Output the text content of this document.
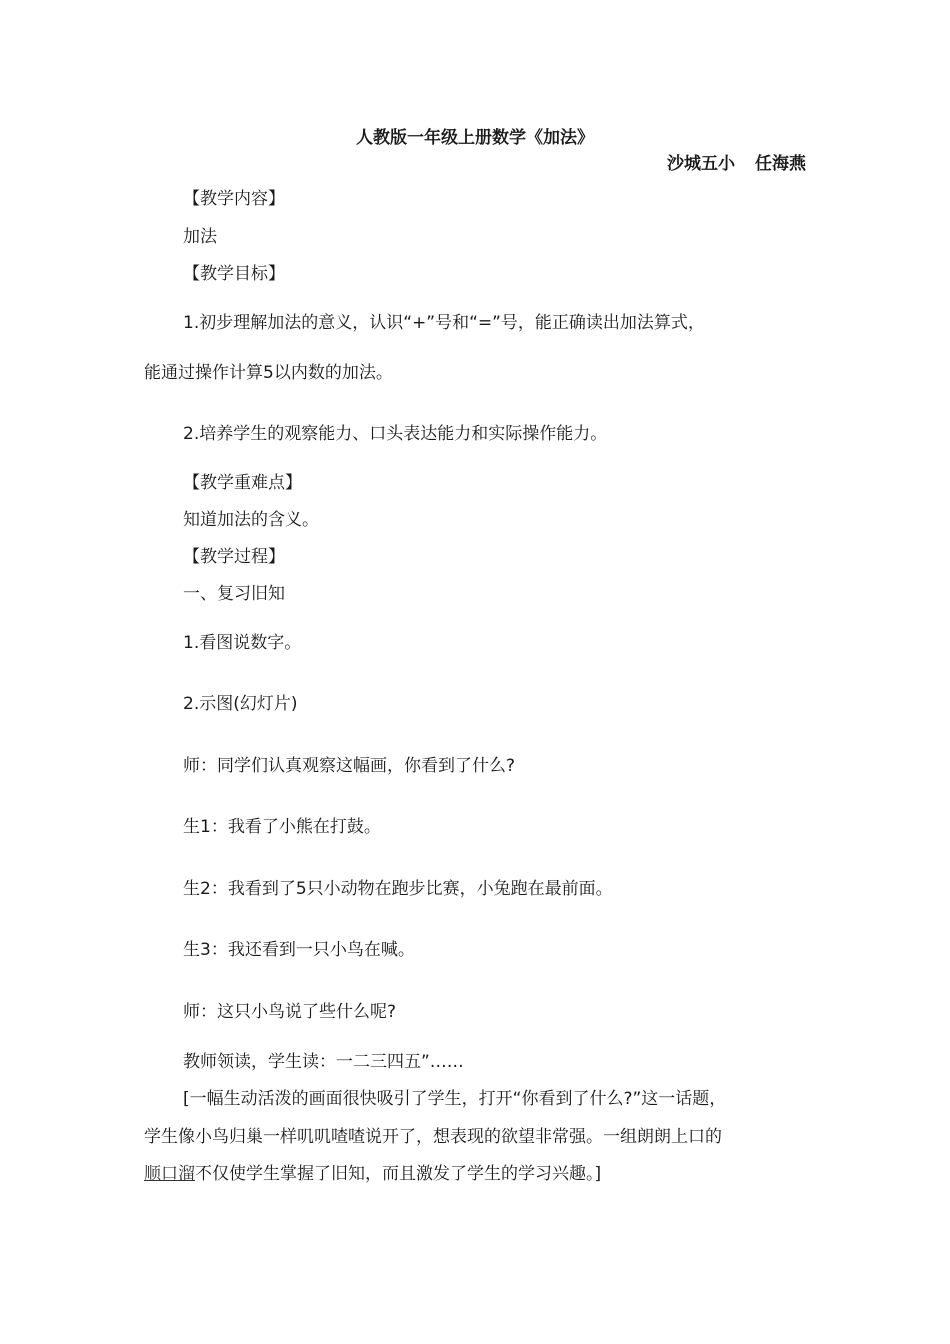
人教版一年级上册数学《加法》
沙城五小 任海燕
【教学内容】
加法
【教学目标】
1.初步理解加法的意义，认识“+”号和“=”号，能正确读出加法算式，
能通过操作计算5以内数的加法。
2.培养学生的观察能力、口头表达能力和实际操作能力。
【教学重难点】
知道加法的含义。
【教学过程】
一、复习旧知
1.看图说数字。
2.示图(幻灯片)
师：同学们认真观察这幅画，你看到了什么?
生1：我看了小熊在打鼓。
生2：我看到了5只小动物在跑步比赛，小兔跑在最前面。
生3：我还看到一只小鸟在喊。
师：这只小鸟说了些什么呢?
教师领读，学生读：一二三四五”……
[一幅生动活泼的画面很快吸引了学生，打开“你看到了什么?”这一话题，
学生像小鸟归巢一样叽叽喳喳说开了，想表现的欲望非常强。一组朗朗上口的
顺口溜不仅使学生掌握了旧知，而且激发了学生的学习兴趣。]
